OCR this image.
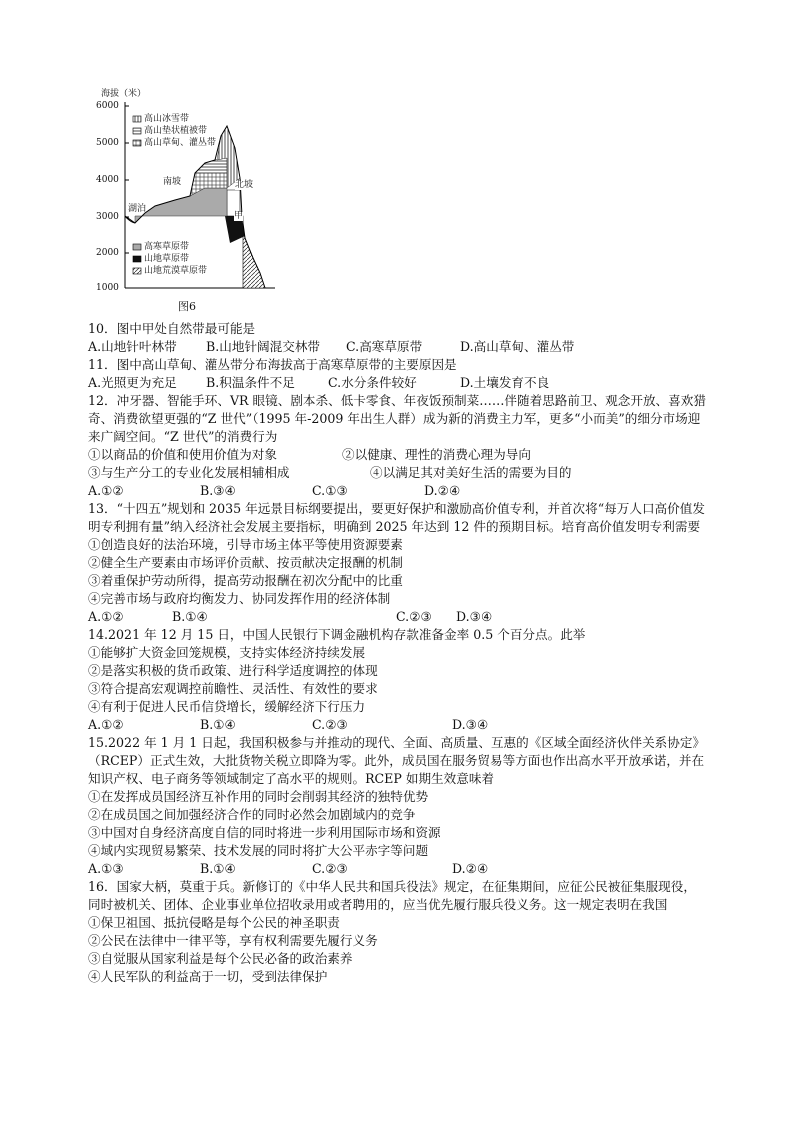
海拔（米）
6000
5000
4000
3000
2000
1000
高山冰雪带
高山垫状植被带
高山草甸、灌丛带
高寒草原带
山地草原带
山地荒漠草原带
南坡	北坡
湖泊
甲
图6
10．图中甲处自然带最可能是
A.山地针叶林带	B.山地针阔混交林带	C.高寒草原带	D.高山草甸、灌丛带
11．图中高山草甸、灌丛带分布海拔高于高寒草原带的主要原因是
A.光照更为充足	B.积温条件不足	C.水分条件较好	D.土壤发育不良
12．冲牙器、智能手环、VR 眼镜、剧本杀、低卡零食、年夜饭预制菜……伴随着思路前卫、观念开放、喜欢猎奇、消费欲望更强的“Z 世代”（1995 年-2009 年出生人群）成为新的消费主力军，更多“小而美”的细分市场迎来广阔空间。“Z 世代”的消费行为
①以商品的价值和使用价值为对象	②以健康、理性的消费心理为导向
③与生产分工的专业化发展相辅相成	④以满足其对美好生活的需要为目的
A.①②	B.③④	C.①③	D.②④
13．“十四五”规划和 2035 年远景目标纲要提出，要更好保护和激励高价值专利，并首次将“每万人口高价值发明专利拥有量”纳入经济社会发展主要指标，明确到 2025 年达到 12 件的预期目标。培育高价值发明专利需要
①创造良好的法治环境，引导市场主体平等使用资源要素
②健全生产要素由市场评价贡献、按贡献决定报酬的机制
③着重保护劳动所得，提高劳动报酬在初次分配中的比重
④完善市场与政府均衡发力、协同发挥作用的经济体制
A.①②	B.①④	C.②③	D.③④
14.2021 年 12 月 15 日，中国人民银行下调金融机构存款准备金率 0.5 个百分点。此举
①能够扩大资金回笼规模，支持实体经济持续发展
②是落实积极的货币政策、进行科学适度调控的体现
③符合提高宏观调控前瞻性、灵活性、有效性的要求
④有利于促进人民币信贷增长，缓解经济下行压力
A.①②	B.①④	C.②③	D.③④
15.2022 年 1 月 1 日起，我国积极参与并推动的现代、全面、高质量、互惠的《区域全面经济伙伴关系协定》（RCEP）正式生效，大批货物关税立即降为零。此外，成员国在服务贸易等方面也作出高水平开放承诺，并在知识产权、电子商务等领域制定了高水平的规则。RCEP 如期生效意味着
①在发挥成员国经济互补作用的同时会削弱其经济的独特优势
②在成员国之间加强经济合作的同时必然会加剧域内的竞争
③中国对自身经济高度自信的同时将进一步利用国际市场和资源
④域内实现贸易繁荣、技术发展的同时将扩大公平赤字等问题
A.①③	B.①④	C.②③	D.②④
16．国家大柄，莫重于兵。新修订的《中华人民共和国兵役法》规定，在征集期间，应征公民被征集服现役，同时被机关、团体、企业事业单位招收录用或者聘用的，应当优先履行服兵役义务。这一规定表明在我国
①保卫祖国、抵抗侵略是每个公民的神圣职责
②公民在法律中一律平等，享有权利需要先履行义务
③自觉服从国家利益是每个公民必备的政治素养
④人民军队的利益高于一切，受到法律保护
